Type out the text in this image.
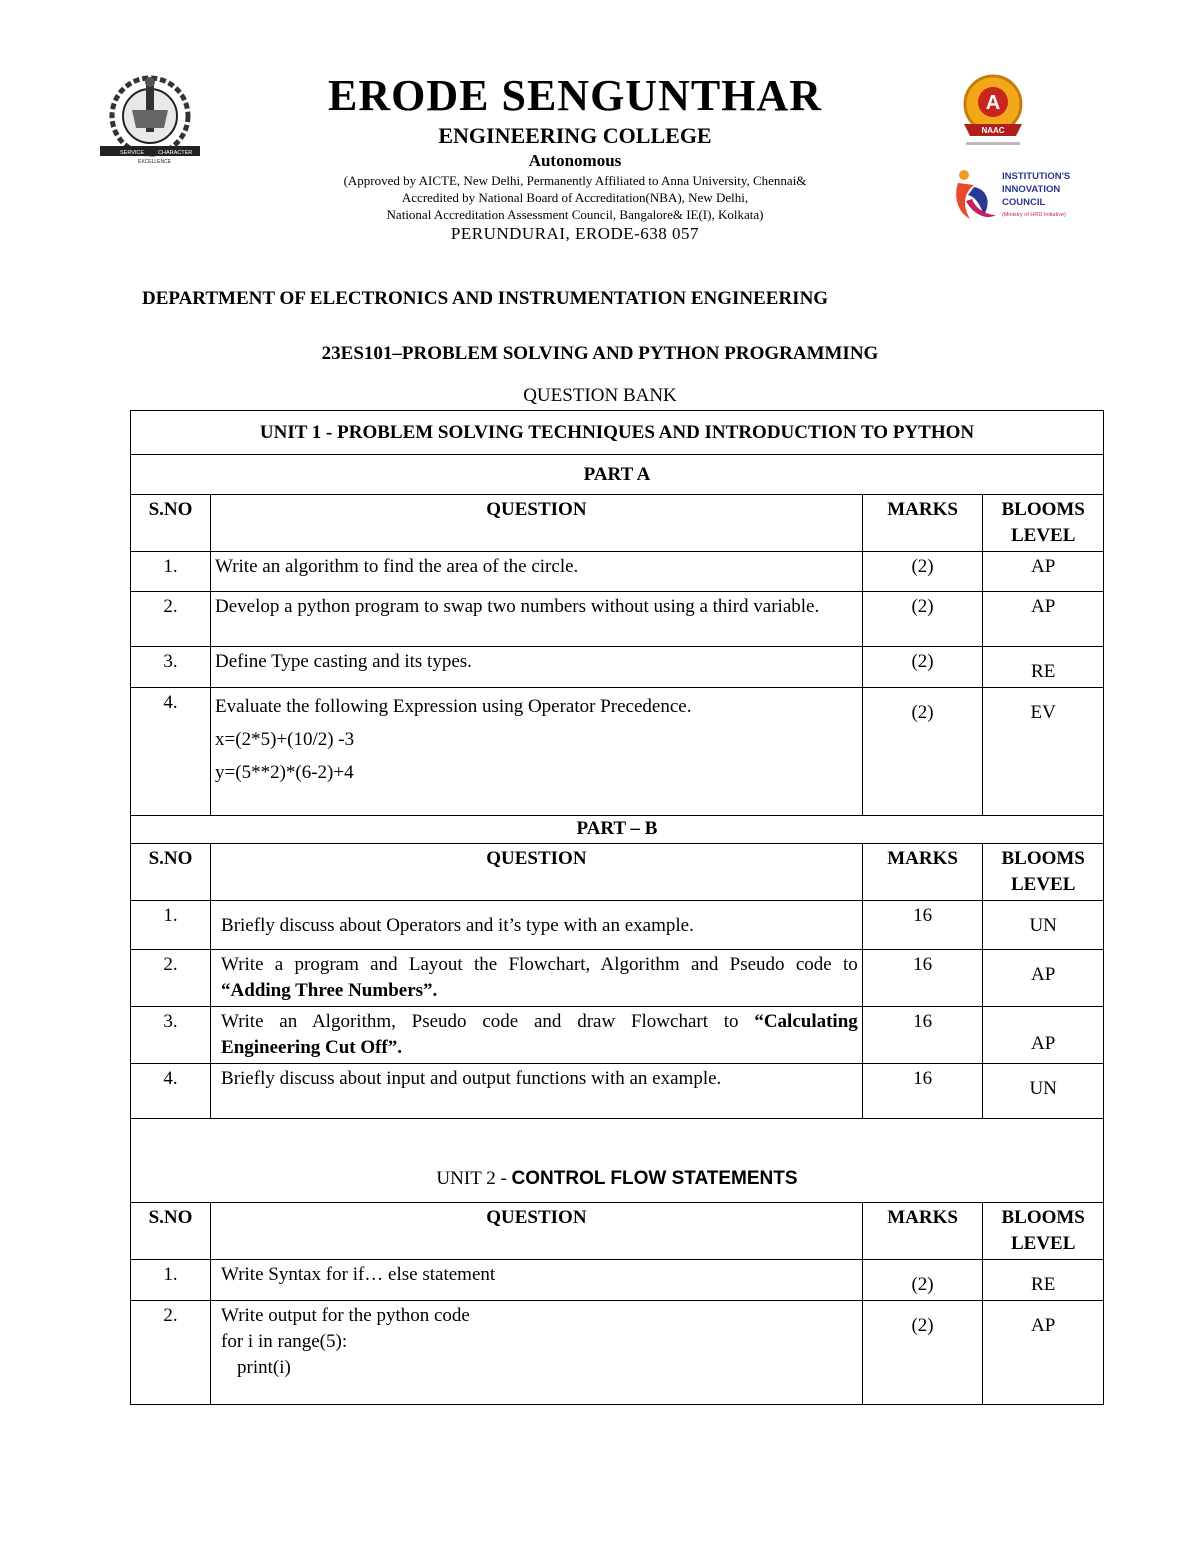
SERVICE	CHARACTER
EXCELLENCE
A
NAAC
INSTITUTION'S
INNOVATION
COUNCIL
(Ministry of HRD Initiative)
ERODE SENGUNTHAR
ENGINEERING COLLEGE
Autonomous
(Approved by AICTE, New Delhi, Permanently Affiliated to Anna University, Chennai&
Accredited by National Board of Accreditation(NBA), New Delhi,
National Accreditation Assessment Council, Bangalore& IE(I), Kolkata)
PERUNDURAI, ERODE-638 057
DEPARTMENT OF ELECTRONICS AND INSTRUMENTATION ENGINEERING
23ES101–PROBLEM SOLVING AND PYTHON PROGRAMMING
QUESTION BANK
UNIT 1 - PROBLEM SOLVING TECHNIQUES AND INTRODUCTION TO PYTHON			
PART A			
S.NO	QUESTION	MARKS	BLOOMS LEVEL
1.	Write an algorithm to find the area of the circle.	(2)	AP
2.	Develop a python program to swap two numbers without using a third variable.	(2)	AP
3.	Define Type casting and its types.	(2)	RE
4.	Evaluate the following Expression using Operator Precedence.
x=(2*5)+(10/2) -3
y=(5**2)*(6-2)+4	(2)	EV
PART – B			
S.NO	QUESTION	MARKS	BLOOMS LEVEL
1.	Briefly discuss about Operators and it’s type with an example.	16	UN
2.	Write a program and Layout the Flowchart, Algorithm and Pseudo code to “Adding Three Numbers”.	16	AP
3.	Write an Algorithm, Pseudo code and draw Flowchart to “Calculating Engineering Cut Off”.	16	AP
4.	Briefly discuss about input and output functions with an example.	16	UN
UNIT 2 - CONTROL FLOW STATEMENTS			
S.NO	QUESTION	MARKS	BLOOMS LEVEL
1.	Write Syntax for if… else statement	(2)	RE
2.	Write output for the python code
for i in range(5):
print(i)	(2)	AP
